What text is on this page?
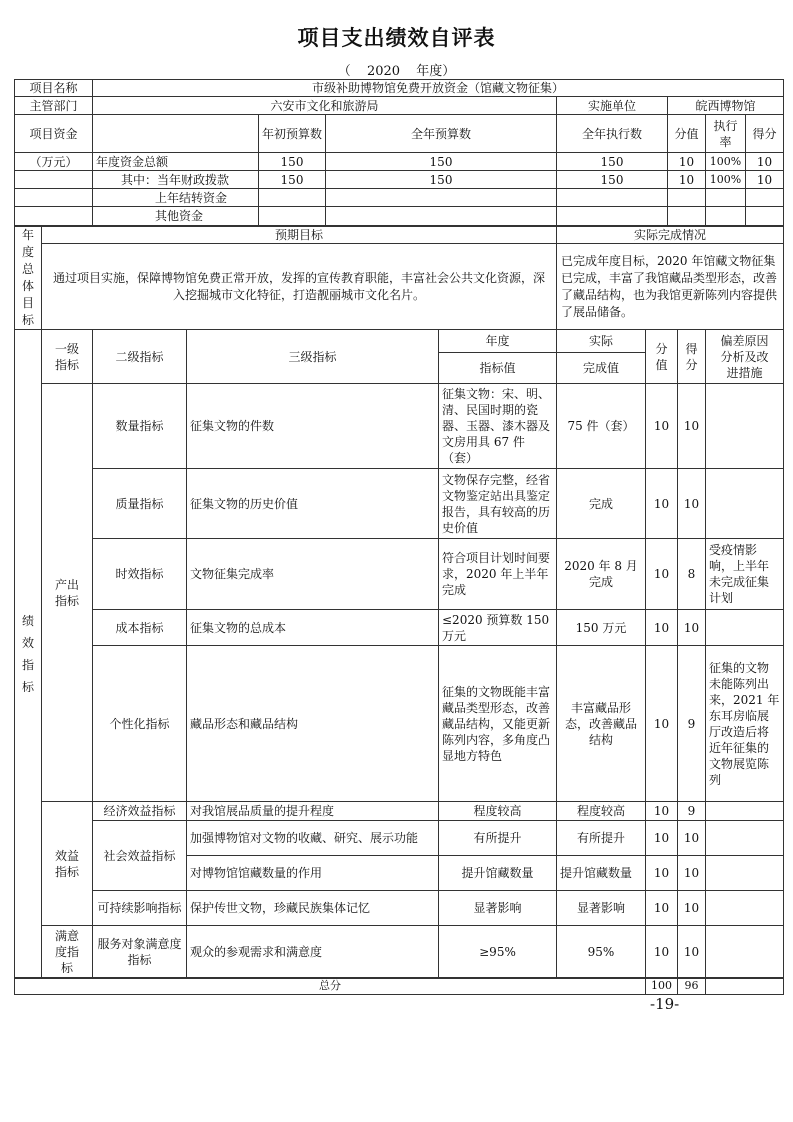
项目支出绩效自评表
（ 2020 年度）
项目名称	市级补助博物馆免费开放资金（馆藏文物征集）						
主管部门	六安市文化和旅游局			实施单位	皖西博物馆		
项目资金		年初预算数	全年预算数	全年执行数	分值	执行率	得分
（万元）	年度资金总额	150	150	150	10	100%	10
	其中：当年财政拨款	150	150	150	10	100%	10
	上年结转资金						
	其他资金						
年度总体目标	预期目标	实际完成情况
	通过项目实施，保障博物馆免费正常开放，发挥的宣传教育职能，丰富社会公共文化资源，深入挖掘城市文化特征，打造靓丽城市文化名片。	已完成年度目标，2020 年馆藏文物征集已完成，丰富了我馆藏品类型形态，改善了藏品结构，也为我馆更新陈列内容提供了展品储备。
绩效指标	一级指标	二级指标	三级指标	年度	实际	分值	得分	偏差原因分析及改进措施
				指标值	完成值			
	产出指标	数量指标	征集文物的件数	征集文物：宋、明、清、民国时期的瓷器、玉器、漆木器及文房用具 67 件（套）	75 件（套）	10	10	
		质量指标	征集文物的历史价值	文物保存完整，经省文物鉴定站出具鉴定报告，具有较高的历史价值	完成	10	10	
		时效指标	文物征集完成率	符合项目计划时间要求，2020 年上半年完成	2020 年 8 月完成	10	8	受疫情影响，上半年未完成征集计划
		成本指标	征集文物的总成本	≤2020 预算数 150 万元	150 万元	10	10	
		个性化指标	藏品形态和藏品结构	征集的文物既能丰富藏品类型形态，改善藏品结构，又能更新陈列内容，多角度凸显地方特色	丰富藏品形态，改善藏品结构	10	9	征集的文物未能陈列出来，2021 年东耳房临展厅改造后将近年征集的文物展览陈列
	效益指标	经济效益指标	对我馆展品质量的提升程度	程度较高	程度较高	10	9	
		社会效益指标	加强博物馆对文物的收藏、研究、展示功能	有所提升	有所提升	10	10	
			对博物馆馆藏数量的作用	提升馆藏数量	提升馆藏数量	10	10	
		可持续影响指标	保护传世文物，珍藏民族集体记忆	显著影响	显著影响	10	10	
	满意度指标	服务对象满意度指标	观众的参观需求和满意度	≥95%	95%	10	10	
总分	100	96	
-19-
